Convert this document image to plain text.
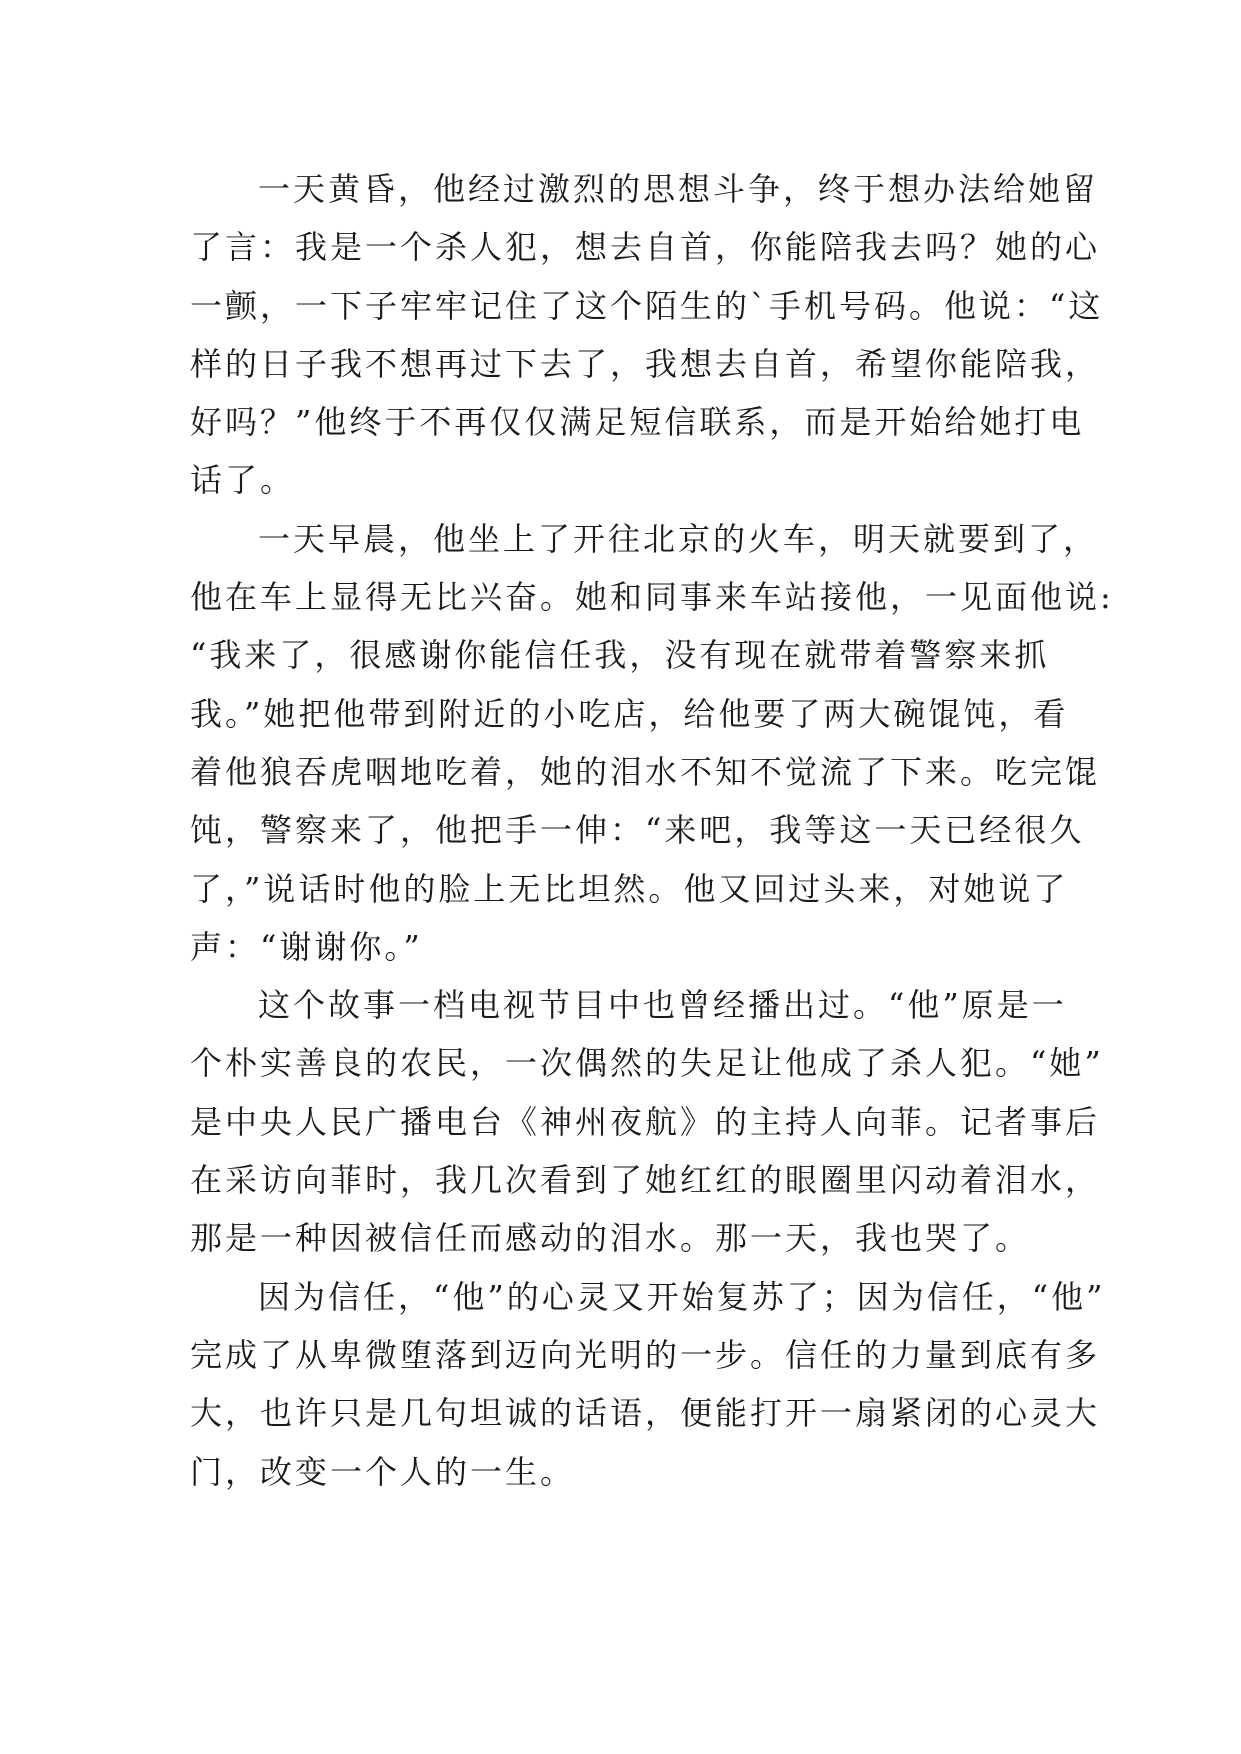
一天黄昏，他经过激烈的思想斗争，终于想办法给她留
了言：我是一个杀人犯，想去自首，你能陪我去吗？她的心
一颤，一下子牢牢记住了这个陌生的`手机号码。他说：“这
样的日子我不想再过下去了，我想去自首，希望你能陪我，
好吗？”他终于不再仅仅满足短信联系，而是开始给她打电
话了。
一天早晨，他坐上了开往北京的火车，明天就要到了，
他在车上显得无比兴奋。她和同事来车站接他，一见面他说:
“我来了，很感谢你能信任我，没有现在就带着警察来抓
我。”她把他带到附近的小吃店，给他要了两大碗馄饨，看
着他狼吞虎咽地吃着，她的泪水不知不觉流了下来。吃完馄
饨，警察来了，他把手一伸：“来吧，我等这一天已经很久
了，”说话时他的脸上无比坦然。他又回过头来，对她说了
声：“谢谢你。”
这个故事一档电视节目中也曾经播出过。“他”原是一
个朴实善良的农民，一次偶然的失足让他成了杀人犯。“她”
是中央人民广播电台《神州夜航》的主持人向菲。记者事后
在采访向菲时，我几次看到了她红红的眼圈里闪动着泪水，
那是一种因被信任而感动的泪水。那一天，我也哭了。
因为信任，“他”的心灵又开始复苏了；因为信任，“他”
完成了从卑微堕落到迈向光明的一步。信任的力量到底有多
大，也许只是几句坦诚的话语，便能打开一扇紧闭的心灵大
门，改变一个人的一生。
